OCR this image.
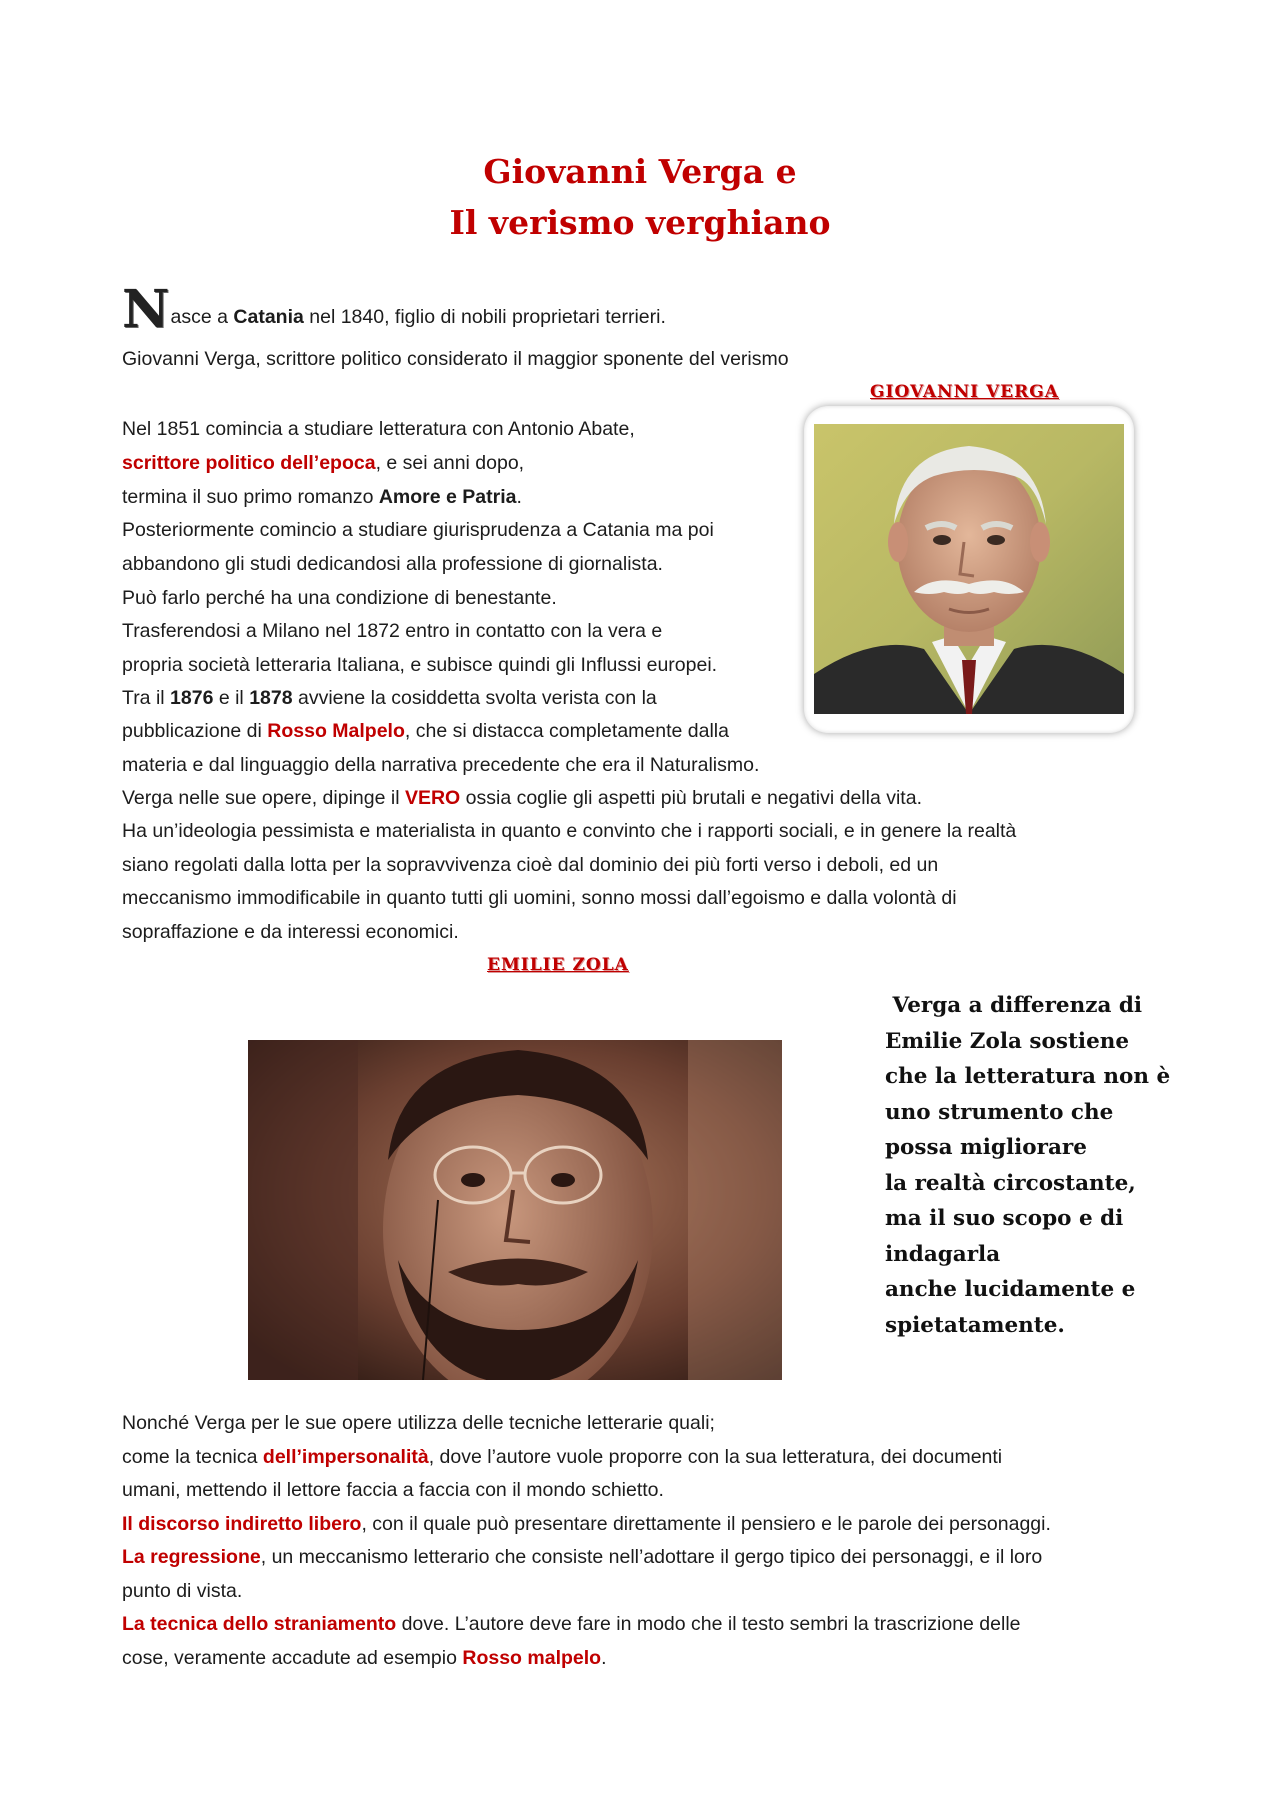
Giovanni Verga e
Il verismo verghiano
Nasce a Catania nel 1840, figlio di nobili proprietari terrieri.
Giovanni Verga, scrittore politico considerato il maggior sponente del verismo
GIOVANNI VERGA
Nel 1851 comincia a studiare letteratura con Antonio Abate,
scrittore politico dell’epoca, e sei anni dopo,
termina il suo primo romanzo Amore e Patria.
Posteriormente comincio a studiare giurisprudenza a Catania ma poi
abbandono gli studi dedicandosi alla professione di giornalista.
Può farlo perché ha una condizione di benestante.
Trasferendosi a Milano nel 1872 entro in contatto con la vera e
propria società letteraria Italiana, e subisce quindi gli Influssi europei.
Tra il 1876 e il 1878 avviene la cosiddetta svolta verista con la
pubblicazione di Rosso Malpelo, che si distacca completamente dalla
materia e dal linguaggio della narrativa precedente che era il Naturalismo.
Verga nelle sue opere, dipinge il VERO ossia coglie gli aspetti più brutali e negativi della vita.
Ha un’ideologia pessimista e materialista in quanto e convinto che i rapporti sociali, e in genere la realtà
siano regolati dalla lotta per la sopravvivenza cioè dal dominio dei più forti verso i deboli, ed un
meccanismo immodificabile in quanto tutti gli uomini, sonno mossi dall’egoismo e dalla volontà di
sopraffazione e da interessi economici.
EMILIE ZOLA
Verga a differenza di
Emilie Zola sostiene
che la letteratura non è
uno strumento che
possa migliorare
la realtà circostante,
ma il suo scopo e di
indagarla
anche lucidamente e
spietatamente.
Nonché Verga per le sue opere utilizza delle tecniche letterarie quali;
come la tecnica dell’impersonalità, dove l’autore vuole proporre con la sua letteratura, dei documenti
umani, mettendo il lettore faccia a faccia con il mondo schietto.
Il discorso indiretto libero, con il quale può presentare direttamente il pensiero e le parole dei personaggi.
La regressione, un meccanismo letterario che consiste nell’adottare il gergo tipico dei personaggi, e il loro
punto di vista.
La tecnica dello straniamento dove. L’autore deve fare in modo che il testo sembri la trascrizione delle
cose, veramente accadute ad esempio Rosso malpelo.
